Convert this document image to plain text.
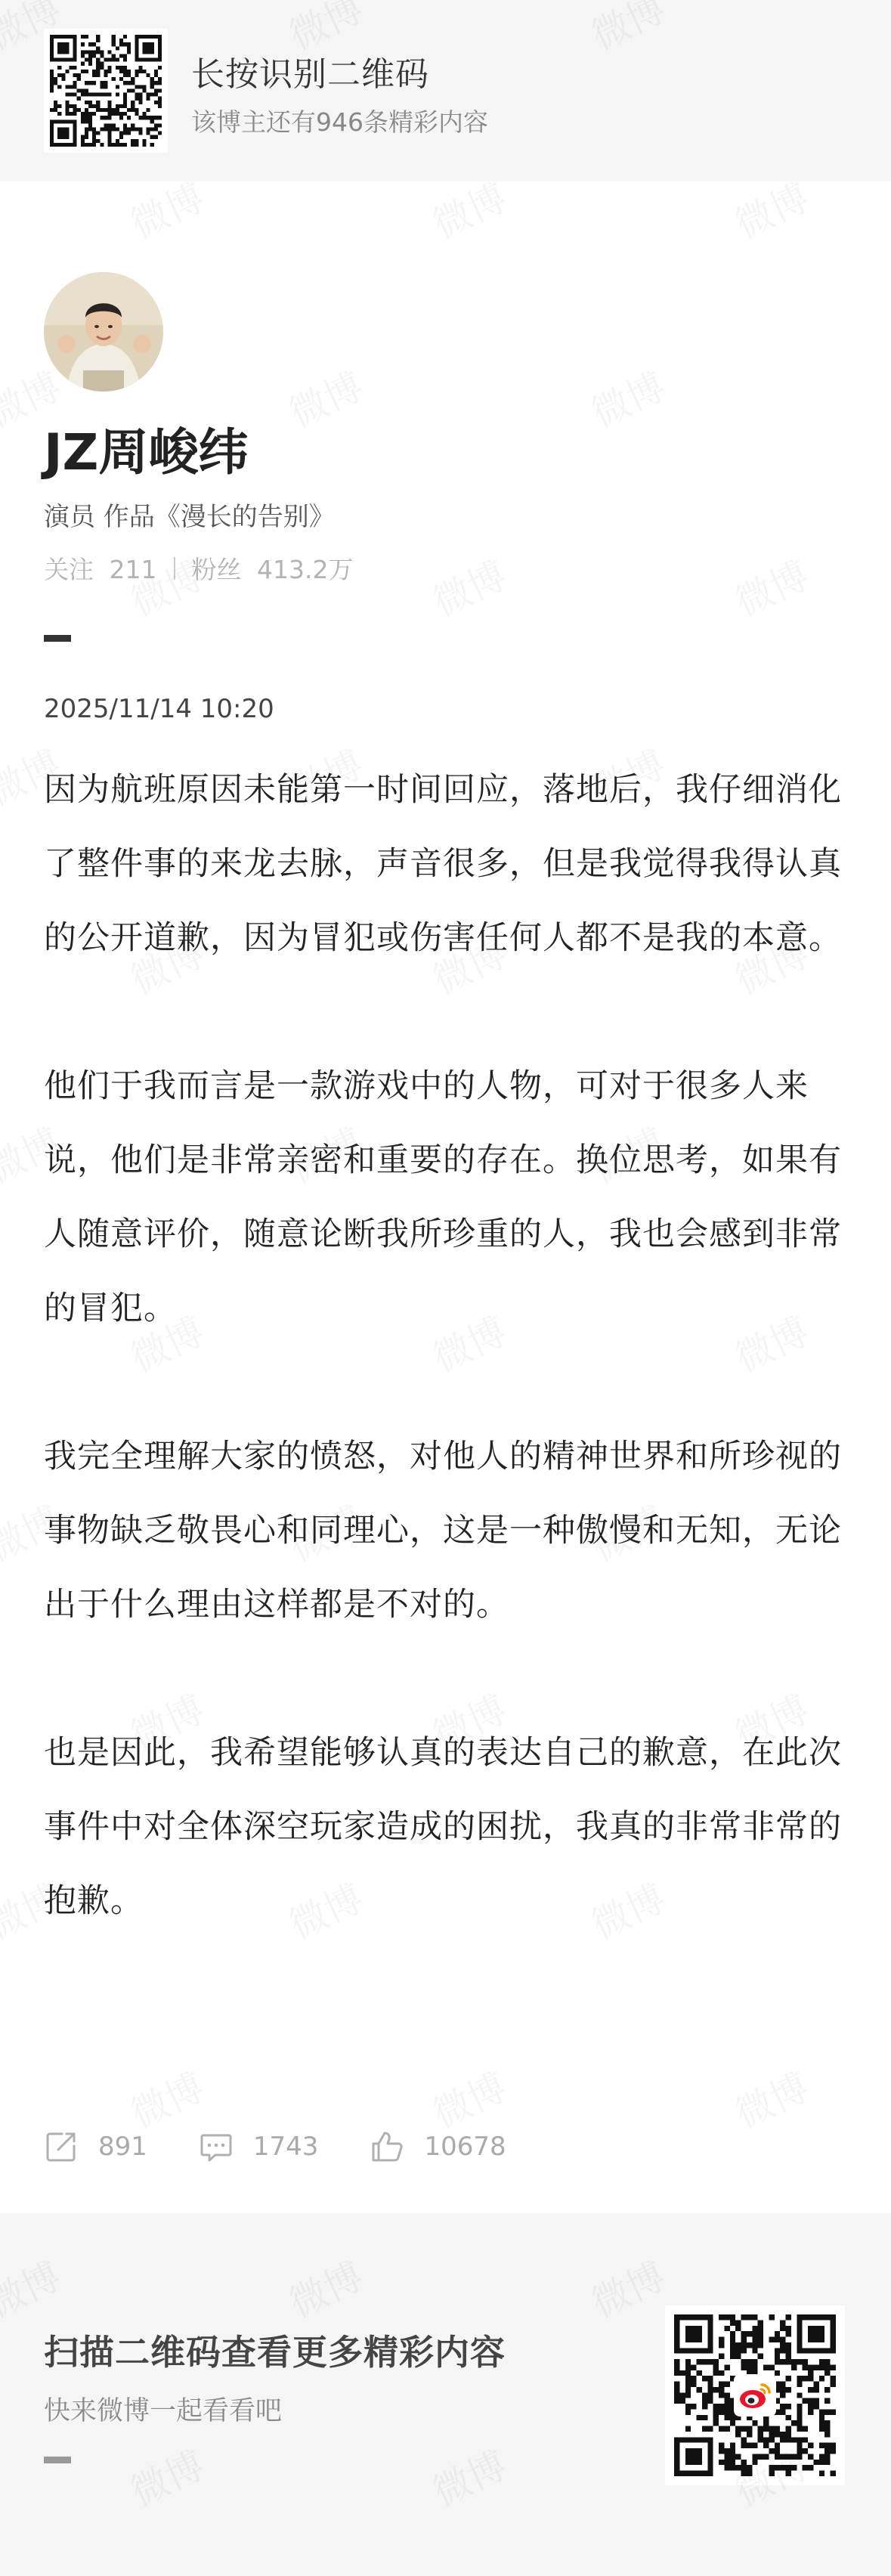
长按识别二维码
该博主还有946条精彩内容
JZ周峻纬
演员 作品《漫长的告别》
关注 211 粉丝 413.2万
2025/11/14 10:20

因为航班原因未能第一时间回应，落地后，我仔细消化了整件事的来龙去脉，声音很多，但是我觉得我得认真的公开道歉，因为冒犯或伤害任何人都不是我的本意。

他们于我而言是一款游戏中的人物，可对于很多人来说，他们是非常亲密和重要的存在。换位思考，如果有人随意评价，随意论断我所珍重的人，我也会感到非常的冒犯。

我完全理解大家的愤怒，对他人的精神世界和所珍视的事物缺乏敬畏心和同理心，这是一种傲慢和无知，无论出于什么理由这样都是不对的。

也是因此，我希望能够认真的表达自己的歉意，在此次事件中对全体深空玩家造成的困扰，我真的非常非常的抱歉。

891	1743	10678
扫描二维码查看更多精彩内容
快来微博一起看看吧
